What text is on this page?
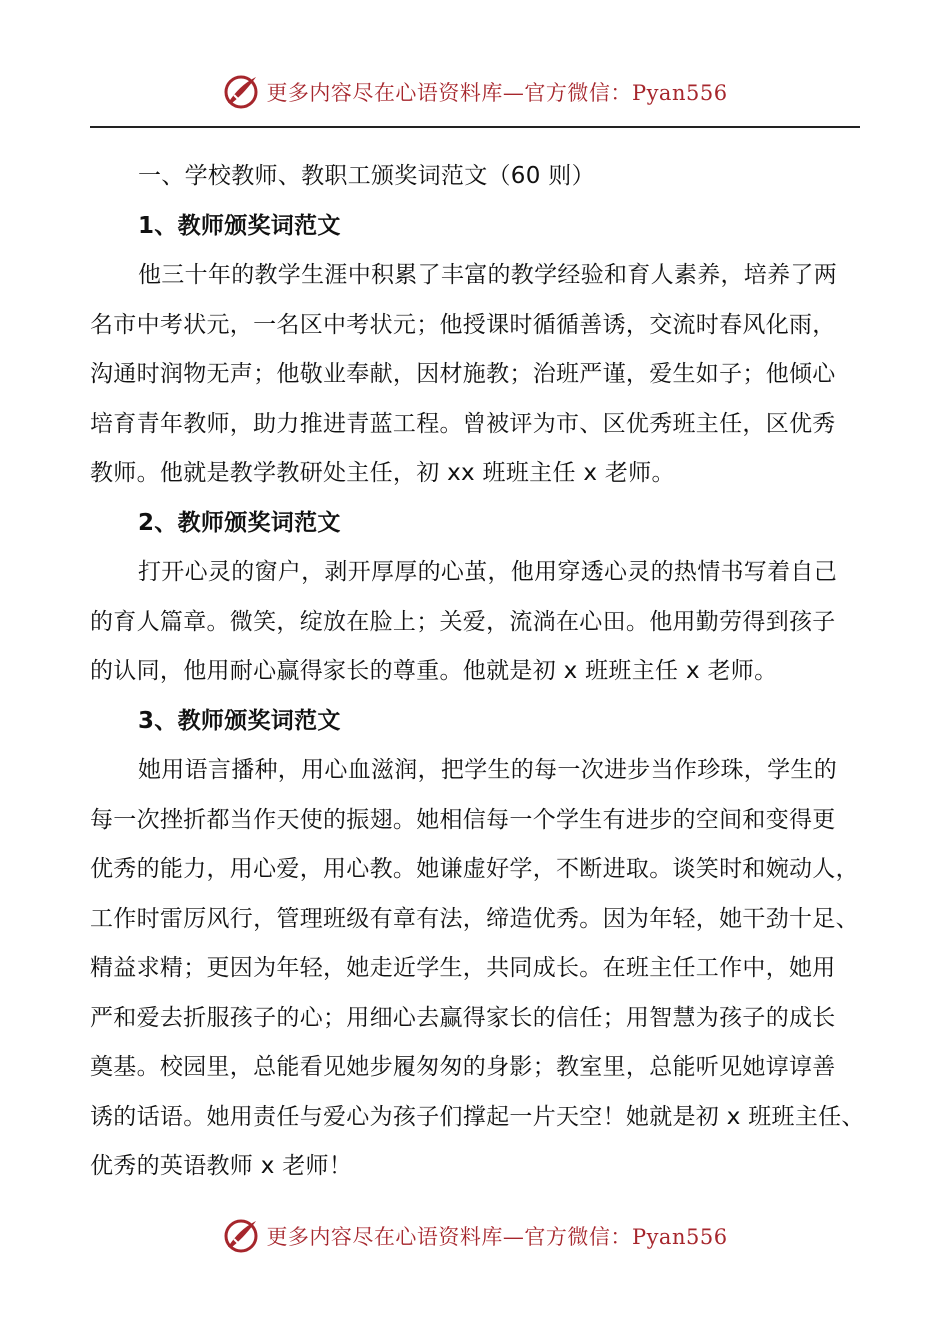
更多内容尽在心语资料库—官方微信：Pyan556
一、学校教师、教职工颁奖词范文（60 则）
1、教师颁奖词范文
他三十年的教学生涯中积累了丰富的教学经验和育人素养，培养了两
名市中考状元，一名区中考状元；他授课时循循善诱，交流时春风化雨，
沟通时润物无声；他敬业奉献，因材施教；治班严谨，爱生如子；他倾心
培育青年教师，助力推进青蓝工程。曾被评为市、区优秀班主任，区优秀
教师。他就是教学教研处主任，初 xx 班班主任 x 老师。
2、教师颁奖词范文
打开心灵的窗户，剥开厚厚的心茧，他用穿透心灵的热情书写着自己
的育人篇章。微笑，绽放在脸上；关爱，流淌在心田。他用勤劳得到孩子
的认同，他用耐心赢得家长的尊重。他就是初 x 班班主任 x 老师。
3、教师颁奖词范文
她用语言播种，用心血滋润，把学生的每一次进步当作珍珠，学生的
每一次挫折都当作天使的振翅。她相信每一个学生有进步的空间和变得更
优秀的能力，用心爱，用心教。她谦虚好学，不断进取。谈笑时和婉动人，
工作时雷厉风行，管理班级有章有法，缔造优秀。因为年轻，她干劲十足、
精益求精；更因为年轻，她走近学生，共同成长。在班主任工作中，她用
严和爱去折服孩子的心；用细心去赢得家长的信任；用智慧为孩子的成长
奠基。校园里，总能看见她步履匆匆的身影；教室里，总能听见她谆谆善
诱的话语。她用责任与爱心为孩子们撑起一片天空！她就是初 x 班班主任、
优秀的英语教师 x 老师！
更多内容尽在心语资料库—官方微信：Pyan556
